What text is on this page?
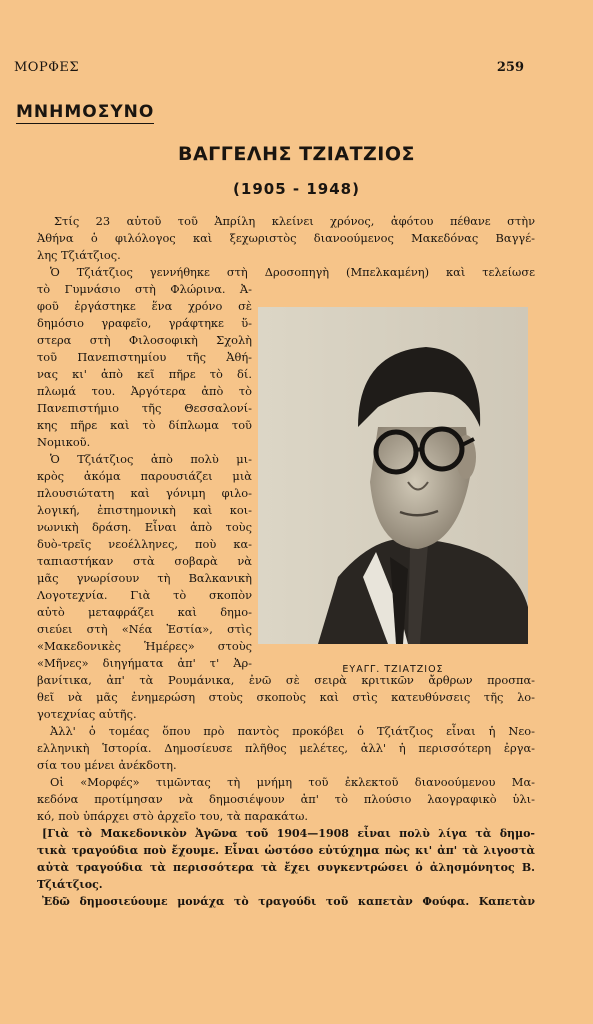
ΜΟΡΦΕΣ	259
ΜΝΗΜΟΣΥΝΟ
ΒΑΓΓΕΛΗΣ ΤΖΙΑΤΖΙΟΣ
(1905 - 1948)
Στίς 23 αὐτοῦ τοῦ Ἀπρίλη κλείνει χρόνος, ἀφότου πέθανε στὴν
Ἀθήνα ὁ φιλόλογος καὶ ξεχωριστὸς διανοούμενος Μακεδόνας Βαγγέ-
λης Τζιάτζιος.
Ὁ Τζιάτζιος γεννήθηκε στὴ Δροσοπηγὴ (Μπελκαμένη) καὶ τελείωσε
τὸ Γυμνάσιο στὴ Φλώρινα. Ἀ-
φοῦ ἐργάστηκε ἕνα χρόνο σὲ
δημόσιο γραφεῖο, γράφτηκε ὕ-
στερα στὴ Φιλοσοφικὴ Σχολὴ
τοῦ Πανεπιστημίου τῆς Ἀθή-
νας κι' ἀπὸ κεῖ πῆρε τὸ δί.
πλωμά του. Ἀργότερα ἀπὸ τὸ
Πανεπιστήμιο τῆς Θεσσαλονί-
κης πῆρε καὶ τὸ δίπλωμα τοῦ
Νομικοῦ.
Ὁ Τζιάτζιος ἀπὸ πολὺ μι-
κρὸς ἀκόμα παρουσιάζει μιὰ
πλουσιώτατη καὶ γόνιμη φιλο-
λογική, ἐπιστημονικὴ καὶ κοι-
νωνικὴ δράση. Εἶναι ἀπὸ τοὺς
δυὸ-τρεῖς νεοέλληνες, ποὺ κα-
ταπιαστήκαν στὰ σοβαρὰ νὰ
μᾶς γνωρίσουν τὴ Βαλκανικὴ
Λογοτεχνία. Γιὰ τὸ σκοπὸν
αὐτὸ μεταφράζει καὶ δημο-
σιεύει στὴ «Νέα Ἑστία», στὶς
«Μακεδονικὲς Ἡμέρες» στοὺς
«Μῆνες» διηγήματα ἀπ' τ' Ἀρ-
βανίτικα, ἀπ' τὰ Ρουμάνικα, ἐνῶ σὲ σειρὰ κριτικῶν ἄρθρων προσπα-
θεῖ νὰ μᾶς ἐνημερώση στοὺς σκοποὺς καὶ στὶς κατευθύνσεις τῆς λο-
γοτεχνίας αὐτῆς.
Ἀλλ' ὁ τομέας ὅπου πρὸ παντὸς προκόβει ὁ Τζιάτζιος εἶναι ἡ Νεο-
ελληνικὴ Ἱστορία. Δημοσίευσε πλῆθος μελέτες, ἀλλ' ἡ περισσότερη ἐργα-
σία του μένει ἀνέκδοτη.
Οἱ «Μορφές» τιμῶντας τὴ μνήμη τοῦ ἐκλεκτοῦ διανοούμενου Μα-
κεδόνα προτίμησαν νὰ δημοσιέψουν ἀπ' τὸ πλούσιο λαογραφικὸ ὑλι-
κό, ποὺ ὑπάρχει στὸ ἀρχεῖο του, τὰ παρακάτω.
[Γιὰ τὸ Μακεδονικὸν Ἀγῶνα τοῦ 1904—1908 εἶναι πολὺ λίγα τὰ δημο-
τικὰ τραγούδια ποὺ ἔχουμε. Εἶναι ὡστόσο εὐτύχημα πὼς κι' ἀπ' τὰ λιγοστὰ
αὐτὰ τραγούδια τὰ περισσότερα τὰ ἔχει συγκεντρώσει ὁ ἀλησμόνητος Β.
Τζιάτζιος.
Ἐδῶ δημοσιεύουμε μονάχα τὸ τραγούδι τοῦ καπετὰν Φούφα. Καπετὰν
ΕΥΑΓΓ. ΤΖΙΑΤΖΙΟΣ
